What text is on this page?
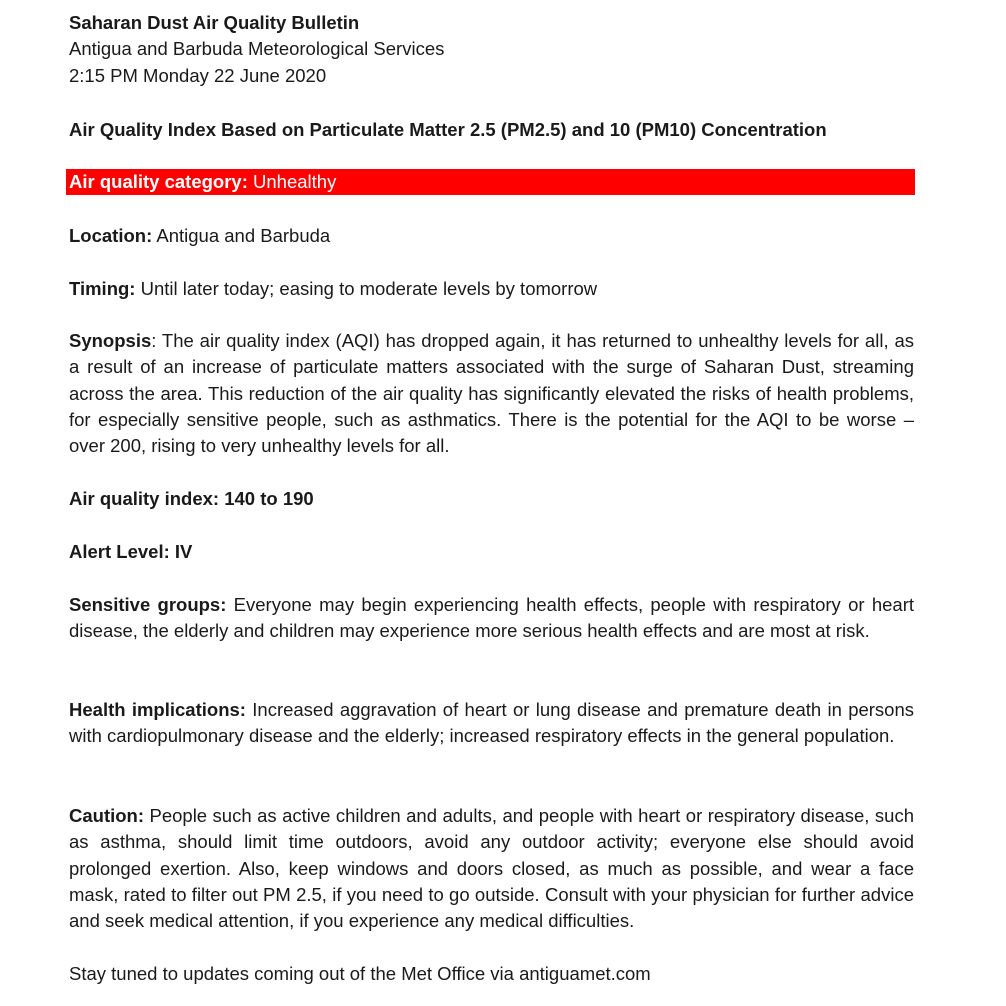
Saharan Dust Air Quality Bulletin
Antigua and Barbuda Meteorological Services
2:15 PM Monday 22 June 2020
Air Quality Index Based on Particulate Matter 2.5 (PM2.5) and 10 (PM10) Concentration
Air quality category: Unhealthy
Location: Antigua and Barbuda
Timing: Until later today; easing to moderate levels by tomorrow
Synopsis: The air quality index (AQI) has dropped again, it has returned to unhealthy levels for all, as a result of an increase of particulate matters associated with the surge of Saharan Dust, streaming across the area. This reduction of the air quality has significantly elevated the risks of health problems, for especially sensitive people, such as asthmatics. There is the potential for the AQI to be worse – over 200, rising to very unhealthy levels for all.
Air quality index: 140 to 190
Alert Level: IV
Sensitive groups: Everyone may begin experiencing health effects, people with respiratory or heart disease, the elderly and children may experience more serious health effects and are most at risk.
Health implications: Increased aggravation of heart or lung disease and premature death in persons with cardiopulmonary disease and the elderly; increased respiratory effects in the general population.
Caution: People such as active children and adults, and people with heart or respiratory disease, such as asthma, should limit time outdoors, avoid any outdoor activity; everyone else should avoid prolonged exertion. Also, keep windows and doors closed, as much as possible, and wear a face mask, rated to filter out PM 2.5, if you need to go outside. Consult with your physician for further advice and seek medical attention, if you experience any medical difficulties.
Stay tuned to updates coming out of the Met Office via antiguamet.com
